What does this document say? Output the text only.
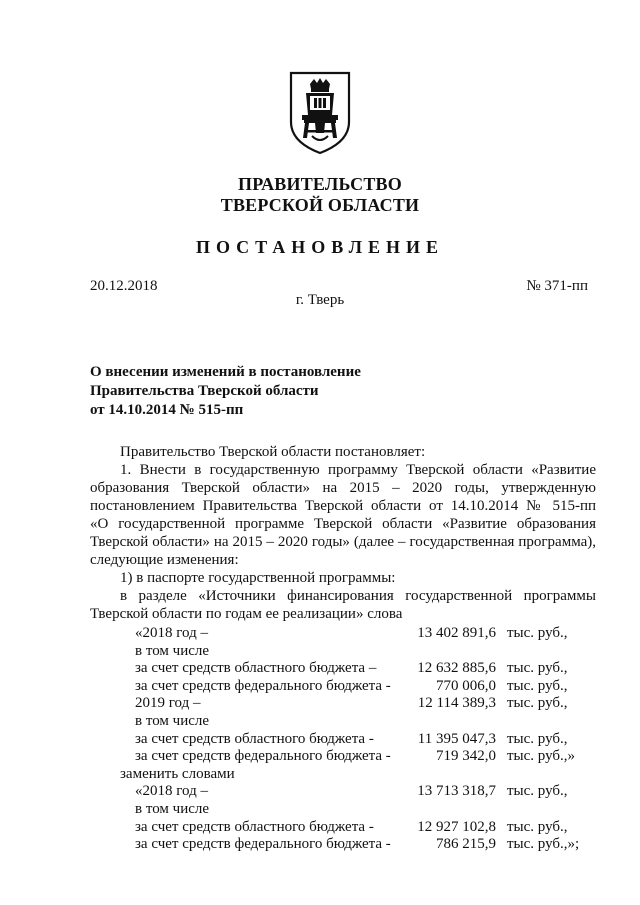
ПРАВИТЕЛЬСТВО
ТВЕРСКОЙ ОБЛАСТИ
ПОСТАНОВЛЕНИЕ
20.12.2018	№ 371-пп
г. Тверь
О внесении изменений в постановление
Правительства Тверской области
от 14.10.2014 № 515-пп
Правительство Тверской области постановляет:
1. Внести в государственную программу Тверской области «Развитие
образования Тверской области» на 2015 – 2020 годы, утвержденную
постановлением Правительства Тверской области от 14.10.2014 № 515-пп
«О государственной программе Тверской области «Развитие образования
Тверской области» на 2015 – 2020 годы» (далее – государственная программа),
следующие изменения:
1) в паспорте государственной программы:
в разделе «Источники финансирования государственной программы
Тверской области по годам ее реализации» слова
«2018 год –	13 402 891,6 тыс. руб.,
в том числе
за счет средств областного бюджета –	12 632 885,6 тыс. руб.,
за счет средств федерального бюджета -	770 006,0 тыс. руб.,
2019 год –	12 114 389,3 тыс. руб.,
в том числе
за счет средств областного бюджета -	11 395 047,3 тыс. руб.,
за счет средств федерального бюджета -	719 342,0 тыс. руб.,»
заменить словами
«2018 год –	13 713 318,7 тыс. руб.,
в том числе
за счет средств областного бюджета -	12 927 102,8 тыс. руб.,
за счет средств федерального бюджета -	786 215,9 тыс. руб.,»;
